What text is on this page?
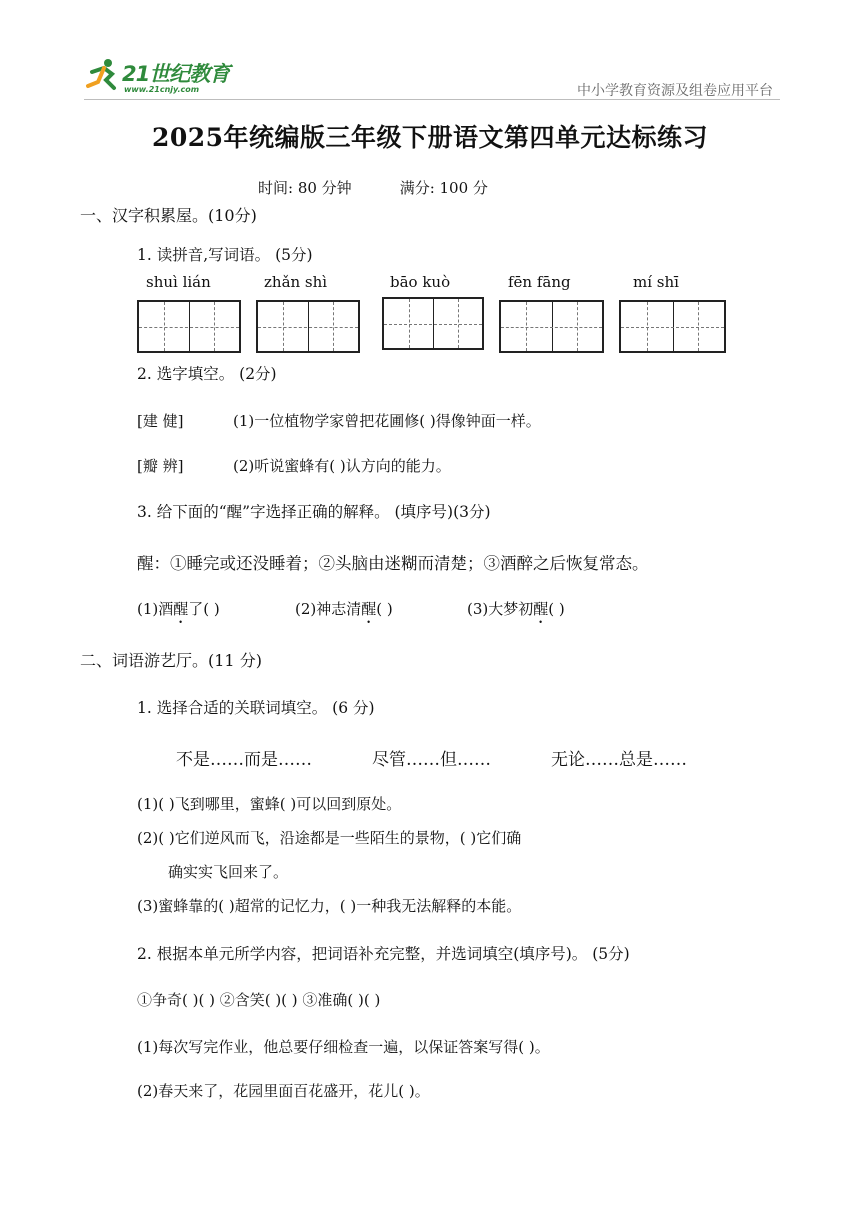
21世纪教育
www.21cnjy.com	中小学教育资源及组卷应用平台
2025年统编版三年级下册语文第四单元达标练习
时间: 80 分钟	满分: 100 分
一、汉字积累屋。(10分)
1. 读拼音,写词语。 (5分)
shuì lián	zhǎn shì	bāo kuò	fēn fāng	mí shī
2. 选字填空。 (2分)
[建 健]	(1)一位植物学家曾把花圃修( )得像钟面一样。
[瓣 辨]	(2)听说蜜蜂有( )认方向的能力。
3. 给下面的“醒”字选择正确的解释。 (填序号)(3分)
醒：①睡完或还没睡着；②头脑由迷糊而清楚；③酒醉之后恢复常态。
(1)酒醒了( )	(2)神志清醒( )	(3)大梦初醒( )
二、词语游艺厅。(11 分)
1. 选择合适的关联词填空。 (6 分)
不是……而是……	尽管……但……	无论……总是……
(1)( )飞到哪里，蜜蜂( )可以回到原处。
(2)( )它们逆风而飞，沿途都是一些陌生的景物，( )它们确
确实实飞回来了。
(3)蜜蜂靠的( )超常的记忆力，( )一种我无法解释的本能。
2. 根据本单元所学内容，把词语补充完整，并选词填空(填序号)。 (5分)
①争奇( )( ) ②含笑( )( ) ③准确( )( )
(1)每次写完作业，他总要仔细检查一遍，以保证答案写得( )。
(2)春天来了，花园里面百花盛开，花儿( )。
